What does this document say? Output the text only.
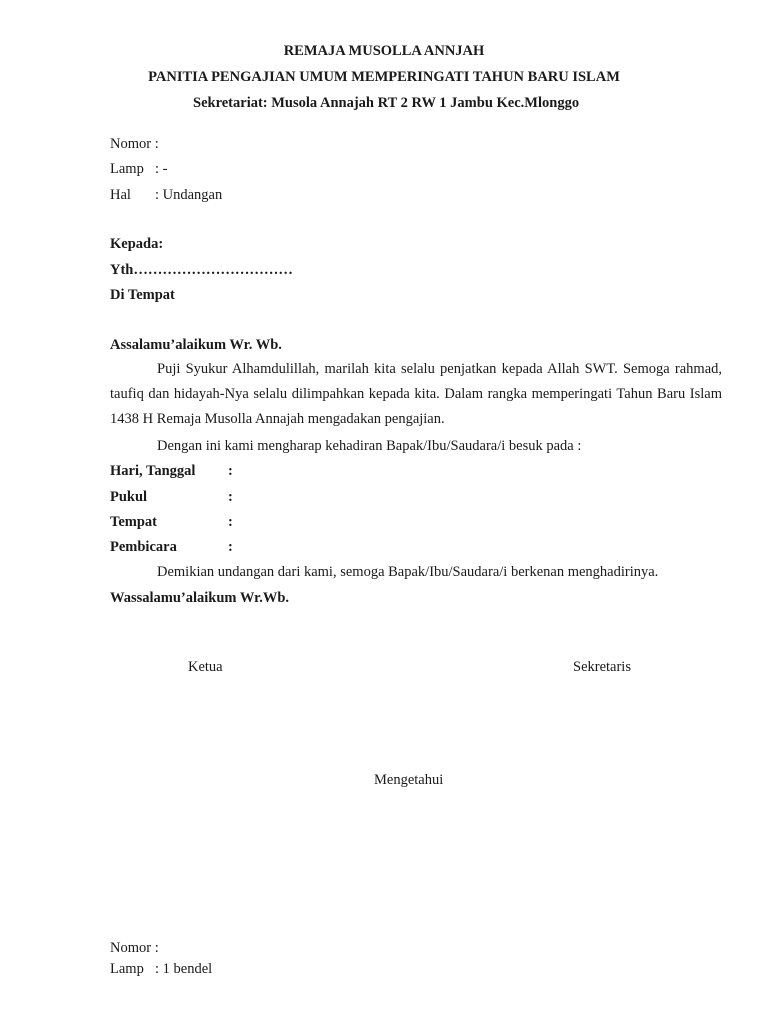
REMAJA MUSOLLA ANNJAH
PANITIA PENGAJIAN UMUM MEMPERINGATI TAHUN BARU ISLAM
Sekretariat: Musola Annajah RT 2 RW 1 Jambu Kec.Mlonggo
Nomor :
Lamp : -
Hal : Undangan
Kepada:
Yth……………………………
Di Tempat
Assalamu’alaikum Wr. Wb.
Puji Syukur Alhamdulillah, marilah kita selalu penjatkan kepada Allah SWT. Semoga rahmad, taufiq dan hidayah-Nya selalu dilimpahkan kepada kita. Dalam rangka memperingati Tahun Baru Islam 1438 H Remaja Musolla Annajah mengadakan pengajian.
Dengan ini kami mengharap kehadiran Bapak/Ibu/Saudara/i besuk pada :
Hari, Tanggal :
Pukul	:
Tempat	:
Pembicara	:
Demikian undangan dari kami, semoga Bapak/Ibu/Saudara/i berkenan menghadirinya.
Wassalamu’alaikum Wr.Wb.
Ketua	Sekretaris
Mengetahui
Nomor :
Lamp : 1 bendel
